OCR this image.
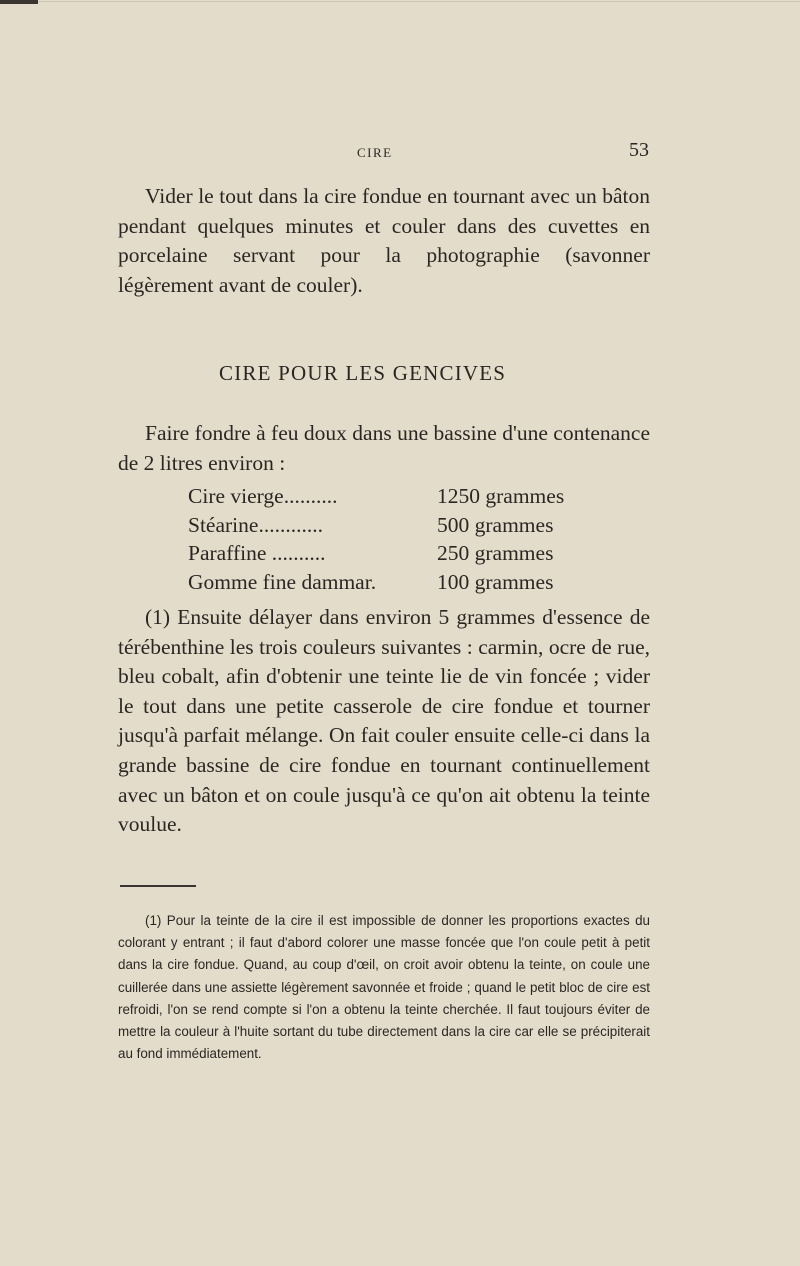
CIRE	53

Vider le tout dans la cire fondue en tournant avec un bâton pendant quelques minutes et couler dans des cuvettes en porcelaine servant pour la photographie (savonner légèrement avant de couler).

CIRE POUR LES GENCIVES

Faire fondre à feu doux dans une bassine d'une contenance de 2 litres environ :

Cire vierge..........	1250 grammes
Stéarine............	500 grammes
Paraffine ..........	250 grammes
Gomme fine dammar.	100 grammes

(1) Ensuite délayer dans environ 5 grammes d'essence de térébenthine les trois couleurs suivantes : carmin, ocre de rue, bleu cobalt, afin d'obtenir une teinte lie de vin foncée ; vider le tout dans une petite casserole de cire fondue et tourner jusqu'à parfait mélange. On fait couler ensuite celle-ci dans la grande bassine de cire fondue en tournant continuellement avec un bâton et on coule jusqu'à ce qu'on ait obtenu la teinte voulue.

(1) Pour la teinte de la cire il est impossible de donner les proportions exactes du colorant y entrant ; il faut d'abord colorer une masse foncée que l'on coule petit à petit dans la cire fondue. Quand, au coup d'œil, on croit avoir obtenu la teinte, on coule une cuillerée dans une assiette légèrement savonnée et froide ; quand le petit bloc de cire est refroidi, l'on se rend compte si l'on a obtenu la teinte cherchée. Il faut toujours éviter de mettre la couleur à l'huite sortant du tube directement dans la cire car elle se précipiterait au fond immédiatement.
